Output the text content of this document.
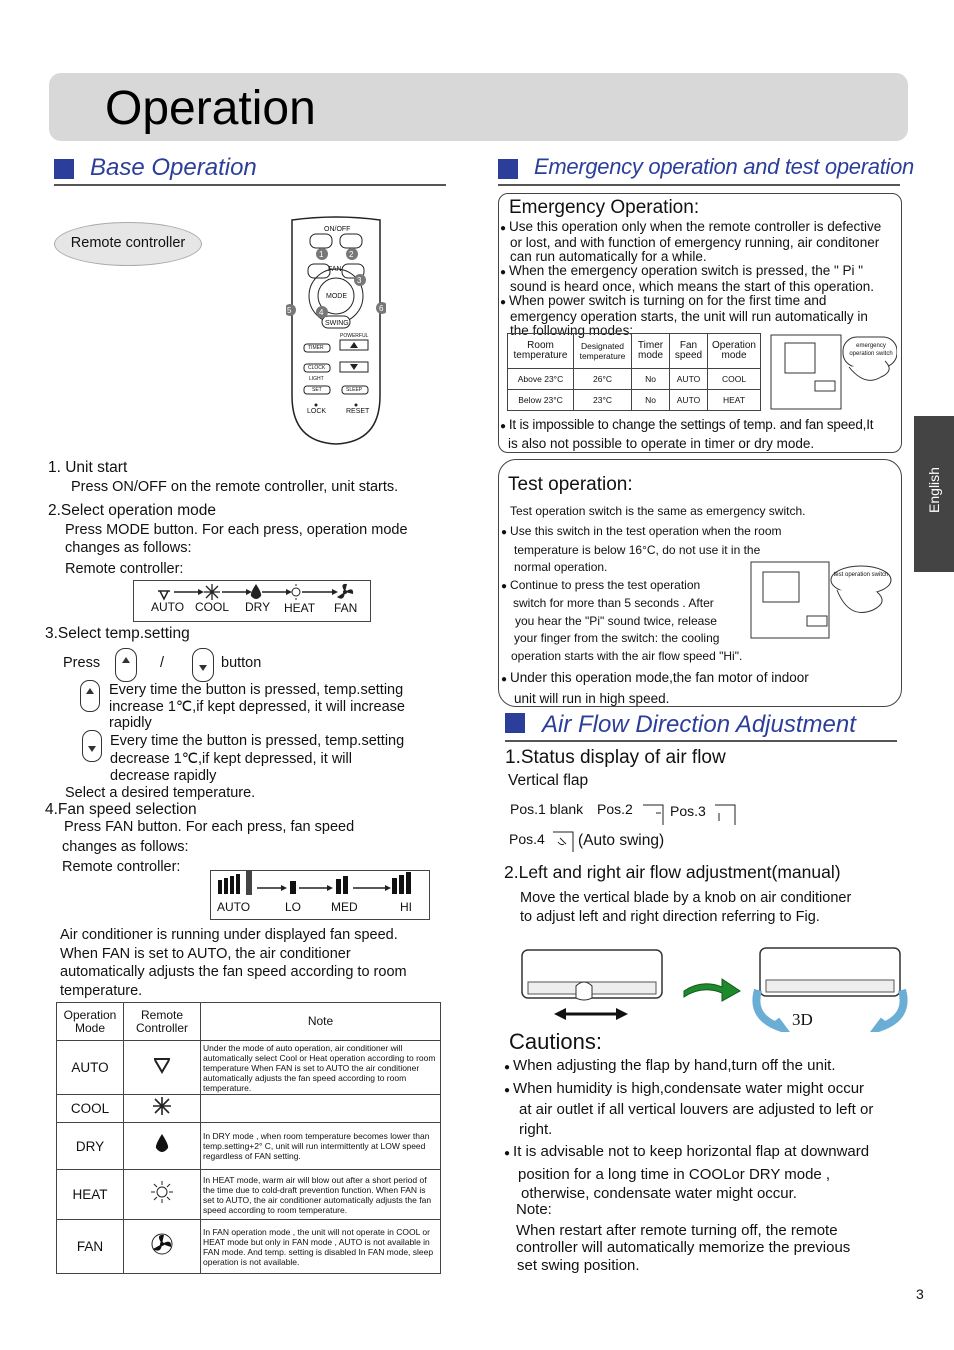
Operation
English
Base Operation
Remote controller
ON/OFF
FAN
MODE
SWING
POWERFUL
TIMER
CLOCK
LIGHT
SET	SLEEP
LOCK	RESET
1	2
3
4
5	6
1. Unit start
Press ON/OFF on the remote controller, unit starts.
2.Select operation mode
Press MODE button. For each press, operation mode
changes as follows:
Remote controller:
AUTO COOL DRY HEAT FAN
3.Select temp.setting
Press	/	button
Every time the button is pressed, temp.setting
increase 1℃,if kept depressed, it will increase
rapidly
Every time the button is pressed, temp.setting
decrease 1℃,if kept depressed, it will
decrease rapidly
Select a desired temperature.
4.Fan speed selection
Press FAN button. For each press, fan speed
changes as follows:
Remote controller:
AUTO	LO MED	HI
Air conditioner is running under displayed fan speed.
When FAN is set to AUTO, the air conditioner
automatically adjusts the fan speed according to room
temperature.
Operation Mode	Remote Controller	Note
AUTO		Under the mode of auto operation, air conditioner will automatically select Cool or Heat operation according to room temperature When FAN is set to AUTO the air conditioner automatically adjusts the fan speed according to room temperature.
COOL		
DRY		In DRY mode , when room temperature becomes lower than temp.setting+2° C, unit will run intermittently at LOW speed regardless of FAN setting.
HEAT		In HEAT mode, warm air will blow out after a short period of the time due to cold-draft prevention function. When FAN is set to AUTO, the air conditioner automatically adjusts the fan speed according to room temperature.
FAN		In FAN operation mode , the unit will not operate in COOL or HEAT mode but only in FAN mode , AUTO is not available in FAN mode. And temp. setting is disabled In FAN mode, sleep operation is not available.
Emergency operation and test operation
Emergency Operation:
● Use this operation only when the remote controller is defective
or lost, and with function of emergency running, air conditoner
can run automatically for a while.
● When the emergency operation switch is pressed, the " Pi "
sound is heard once, which means the start of this operation.
● When power switch is turning on for the first time and
emergency operation starts, the unit will run automatically in
the following modes:
Room temperature	Designated temperature	Timer mode	Fan speed	Operation mode
Above 23°C	26°C	No	AUTO	COOL
Below 23°C	23°C	No	AUTO	HEAT
emergency operation switch
● It is impossible to change the settings of temp. and fan speed,It
is also not possible to operate in timer or dry mode.
Test operation:
Test operation switch is the same as emergency switch.
● Use this switch in the test operation when the room
temperature is below 16°C, do not use it in the
normal operation.
● Continue to press the test operation
switch for more than 5 seconds . After
you hear the "Pi" sound twice, release
your finger from the switch: the cooling
operation starts with the air flow speed "Hi".
test operation switch
● Under this operation mode,the fan motor of indoor
unit will run in high speed.
Air Flow Direction Adjustment
1.Status display of air flow
Vertical flap
Pos.1 blank Pos.2	Pos.3
Pos.4 (Auto swing)
2.Left and right air flow adjustment(manual)
Move the vertical blade by a knob on air conditioner
to adjust left and right direction referring to Fig.
3D
Cautions:
● When adjusting the flap by hand,turn off the unit.
● When humidity is high,condensate water might occur
at air outlet if all vertical louvers are adjusted to left or
right.
● It is advisable not to keep horizontal flap at downward
position for a long time in COOLor DRY mode ,
otherwise, condensate water might occur.
Note:
When restart after remote turning off, the remote
controller will automatically memorize the previous
set swing position.
3
